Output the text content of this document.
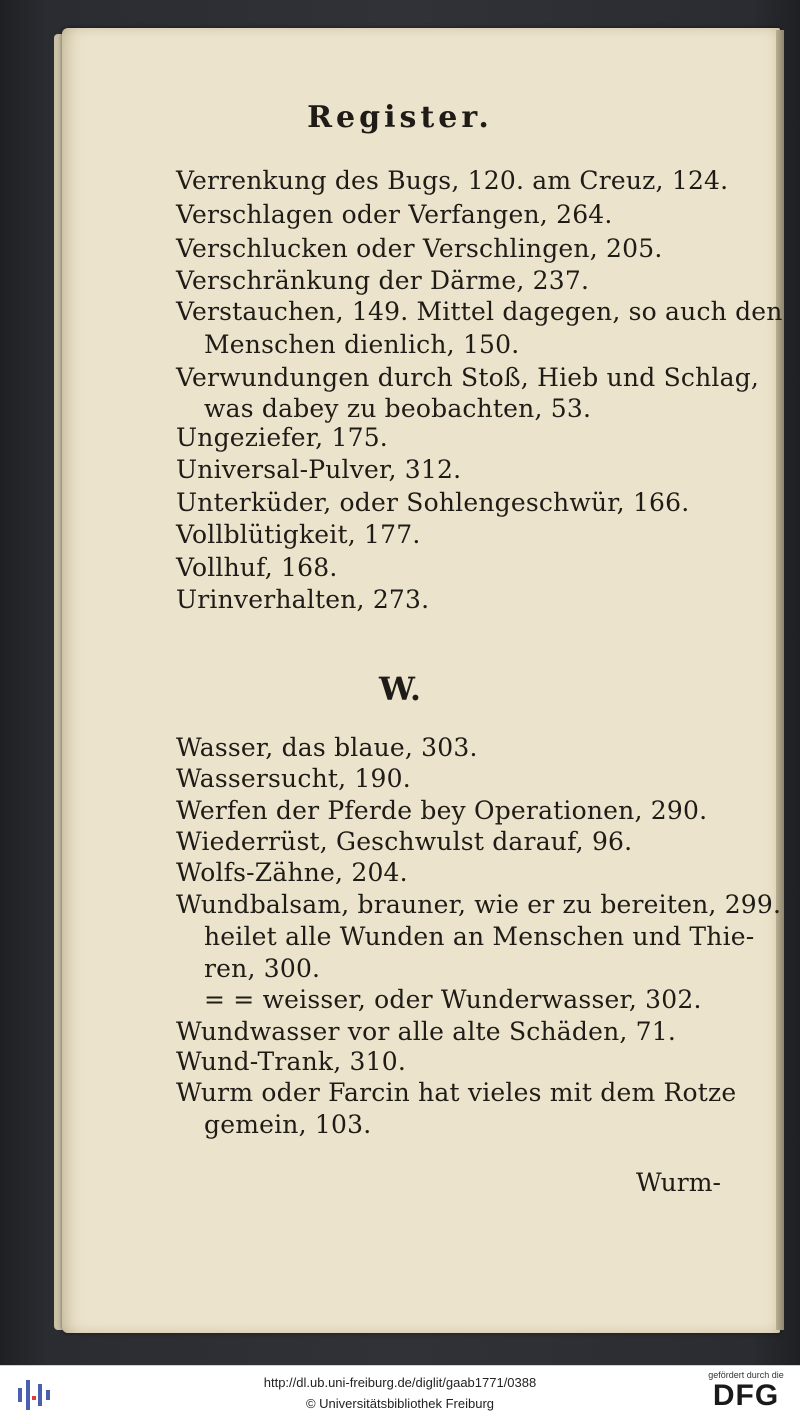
Register.
Verrenkung des Bugs, 120. am Creuz, 124.
Verschlagen oder Verfangen, 264.
Verschlucken oder Verschlingen, 205.
Verschränkung der Därme, 237.
Verstauchen, 149. Mittel dagegen, so auch den
Menschen dienlich, 150.
Verwundungen durch Stoß, Hieb und Schlag,
was dabey zu beobachten, 53.
Ungeziefer, 175.
Universal-Pulver, 312.
Unterküder, oder Sohlengeschwür, 166.
Vollblütigkeit, 177.
Vollhuf, 168.
Urinverhalten, 273.
W.
Wasser, das blaue, 303.
Wassersucht, 190.
Werfen der Pferde bey Operationen, 290.
Wiederrüst, Geschwulst darauf, 96.
Wolfs-Zähne, 204.
Wundbalsam, brauner, wie er zu bereiten, 299.
heilet alle Wunden an Menschen und Thie-
ren, 300.
= = weisser, oder Wunderwasser, 302.
Wundwasser vor alle alte Schäden, 71.
Wund-Trank, 310.
Wurm oder Farcin hat vieles mit dem Rotze
gemein, 103.
Wurm-
http://dl.ub.uni-freiburg.de/diglit/gaab1771/0388
© Universitätsbibliothek Freiburg
gefördert durch die
DFG
